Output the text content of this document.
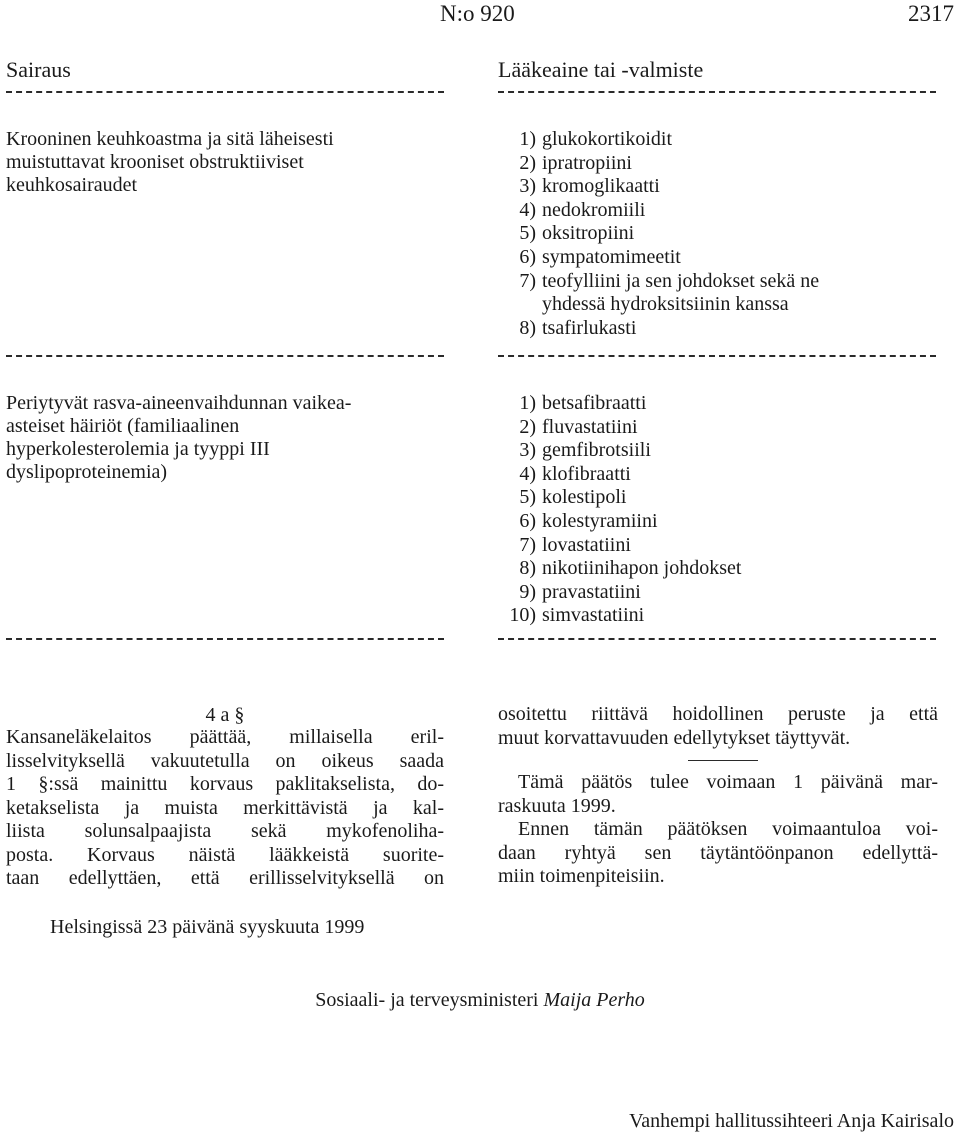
N:o 920	2317
Sairaus	Lääkeaine tai -valmiste
Krooninen keuhkoastma ja sitä läheisesti
muistuttavat krooniset obstruktiiviset
keuhkosairaudet
1) glukokortikoidit
2) ipratropiini
3) kromoglikaatti
4) nedokromiili
5) oksitropiini
6) sympatomimeetit
7) teofylliini ja sen johdokset sekä ne
yhdessä hydroksitsiinin kanssa
8) tsafirlukasti
Periytyvät rasva-aineenvaihdunnan vaikea-
asteiset häiriöt (familiaalinen
hyperkolesterolemia ja tyyppi III
dyslipoproteinemia)
1) betsafibraatti
2) fluvastatiini
3) gemfibrotsiili
4) klofibraatti
5) kolestipoli
6) kolestyramiini
7) lovastatiini
8) nikotiinihapon johdokset
9) pravastatiini
10) simvastatiini
4 a §
Kansaneläkelaitos päättää, millaisella eril-
lisselvityksellä vakuutetulla on oikeus saada
1 §:ssä mainittu korvaus paklitakselista, do-
ketakselista ja muista merkittävistä ja kal-
liista solunsalpaajista sekä mykofenoliha-
posta. Korvaus näistä lääkkeistä suorite-
taan edellyttäen, että erillisselvityksellä on
osoitettu riittävä hoidollinen peruste ja että
muut korvattavuuden edellytykset täyttyvät.
Tämä päätös tulee voimaan 1 päivänä mar-
raskuuta 1999.
Ennen tämän päätöksen voimaantuloa voi-
daan ryhtyä sen täytäntöönpanon edellyttä-
miin toimenpiteisiin.
Helsingissä 23 päivänä syyskuuta 1999
Sosiaali- ja terveysministeri Maija Perho
Vanhempi hallitussihteeri Anja Kairisalo
